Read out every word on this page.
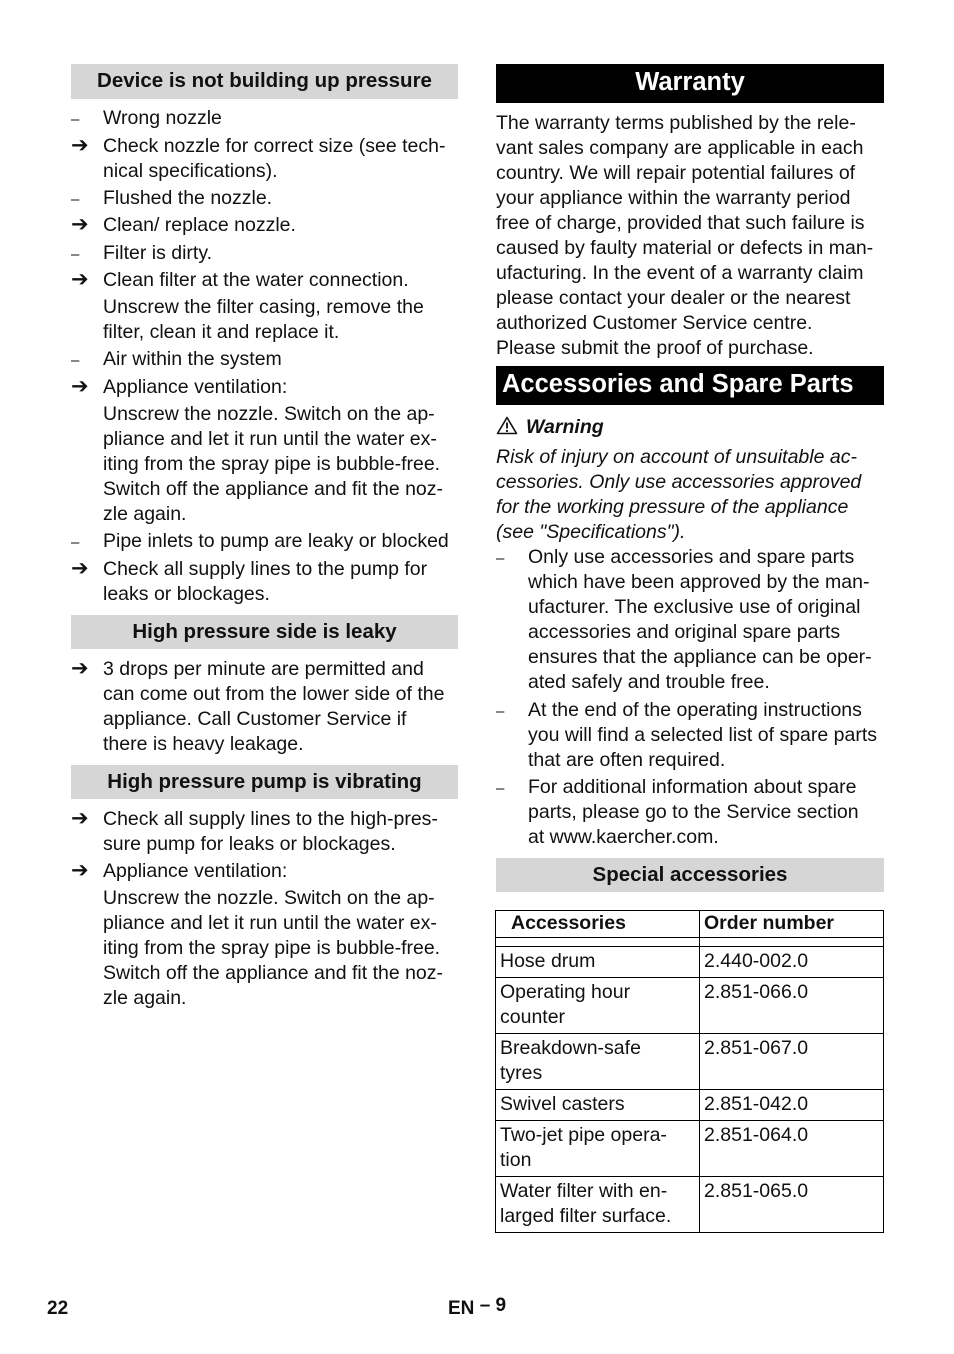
Device is not building up pressure
– Wrong nozzle
➔ Check nozzle for correct size (see tech-
nical specifications).
– Flushed the nozzle.
➔ Clean/ replace nozzle.
– Filter is dirty.
➔ Clean filter at the water connection.
Unscrew the filter casing, remove the
filter, clean it and replace it.
– Air within the system
➔ Appliance ventilation:
Unscrew the nozzle. Switch on the ap-
pliance and let it run until the water ex-
iting from the spray pipe is bubble-free.
Switch off the appliance and fit the noz-
zle again.
– Pipe inlets to pump are leaky or blocked
➔ Check all supply lines to the pump for
leaks or blockages.
High pressure side is leaky
➔ 3 drops per minute are permitted and
can come out from the lower side of the
appliance. Call Customer Service if
there is heavy leakage.
High pressure pump is vibrating
➔ Check all supply lines to the high-pres-
sure pump for leaks or blockages.
➔ Appliance ventilation:
Unscrew the nozzle. Switch on the ap-
pliance and let it run until the water ex-
iting from the spray pipe is bubble-free.
Switch off the appliance and fit the noz-
zle again.
Warranty
The warranty terms published by the rele-
vant sales company are applicable in each
country. We will repair potential failures of
your appliance within the warranty period
free of charge, provided that such failure is
caused by faulty material or defects in man-
ufacturing. In the event of a warranty claim
please contact your dealer or the nearest
authorized Customer Service centre.
Please submit the proof of purchase.
Accessories and Spare Parts
Warning
Risk of injury on account of unsuitable ac-
cessories. Only use accessories approved
for the working pressure of the appliance
(see "Specifications").
– Only use accessories and spare parts
which have been approved by the man-
ufacturer. The exclusive use of original
accessories and original spare parts
ensures that the appliance can be oper-
ated safely and trouble free.
– At the end of the operating instructions
you will find a selected list of spare parts
that are often required.
– For additional information about spare
parts, please go to the Service section
at www.kaercher.com.
Special accessories
Accessories	Order number

Hose drum	2.440-002.0

Operating hour
counter	2.851-066.0

Breakdown-safe
tyres	2.851-067.0

Swivel casters	2.851-042.0

Two-jet pipe opera-
tion	2.851-064.0

Water filter with en-
larged filter surface.	2.851-065.0
22	EN – 9
